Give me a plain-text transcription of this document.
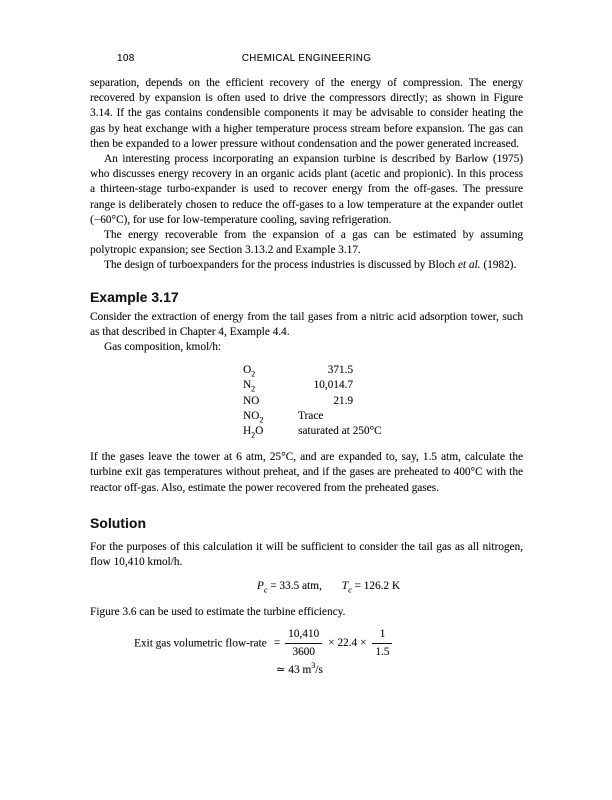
108	CHEMICAL ENGINEERING

separation, depends on the efficient recovery of the energy of compression. The energy recovered by expansion is often used to drive the compressors directly; as shown in Figure 3.14. If the gas contains condensible components it may be advisable to consider heating the gas by heat exchange with a higher temperature process stream before expansion. The gas can then be expanded to a lower pressure without condensation and the power generated increased.

An interesting process incorporating an expansion turbine is described by Barlow (1975) who discusses energy recovery in an organic acids plant (acetic and propionic). In this process a thirteen-stage turbo-expander is used to recover energy from the off-gases. The pressure range is deliberately chosen to reduce the off-gases to a low temperature at the expander outlet (−60°C), for use for low-temperature cooling, saving refrigeration.

The energy recoverable from the expansion of a gas can be estimated by assuming polytropic expansion; see Section 3.13.2 and Example 3.17.

The design of turboexpanders for the process industries is discussed by Bloch et al. (1982).

Example 3.17

Consider the extraction of energy from the tail gases from a nitric acid adsorption tower, such as that described in Chapter 4, Example 4.4.

Gas composition, kmol/h:

$O_2$	371.5
$N_2$	10,014.7
NO	21.9
$NO_2$	Trace
$H_2O$	saturated at 250°C

If the gases leave the tower at 6 atm, 25°C, and are expanded to, say, 1.5 atm, calculate the turbine exit gas temperatures without preheat, and if the gases are preheated to 400°C with the reactor off-gas. Also, estimate the power recovered from the preheated gases.

Solution

For the purposes of this calculation it will be sufficient to consider the tail gas as all nitrogen, flow 10,410 kmol/h.

$P_c = 33.5$ atm, $T_c = 126.2$ K

Figure 3.6 can be used to estimate the turbine efficiency.

Exit gas volumetric flow-rate = $\frac{10,410}{3600} \times 22.4 \times \frac{1}{1.5}$
≃ 43 $m^3/s$
